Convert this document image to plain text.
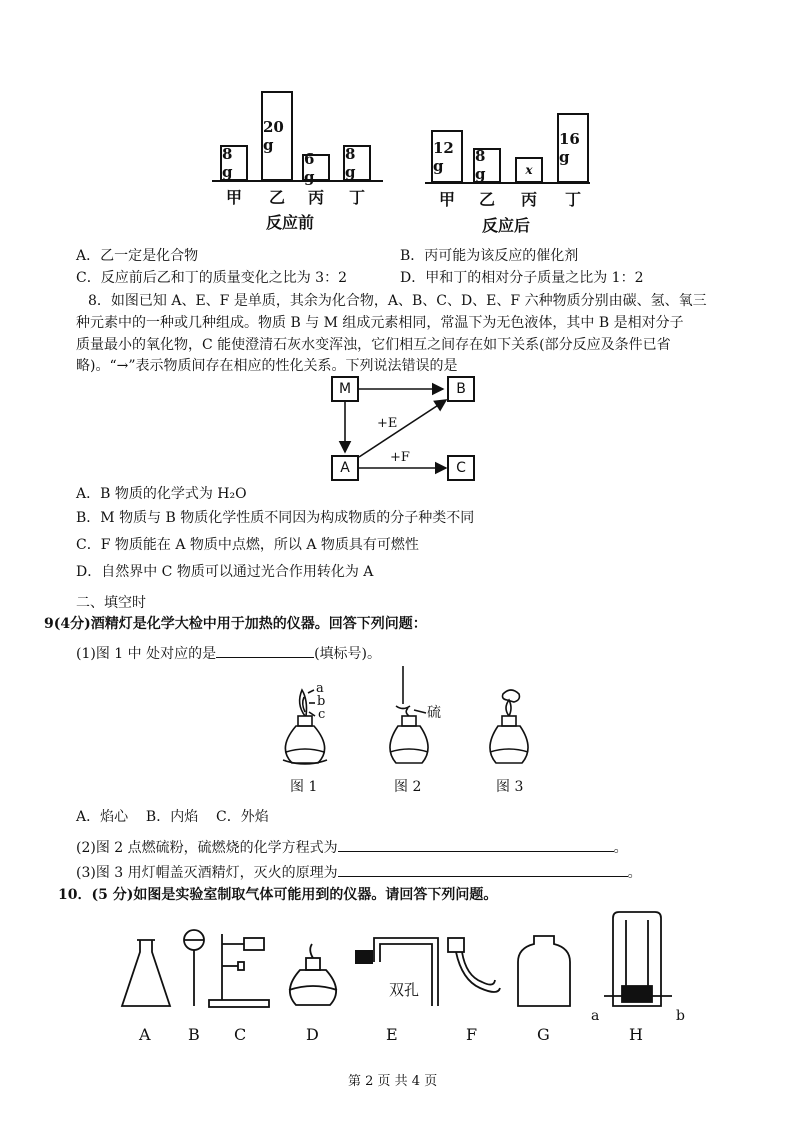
8 g
甲
20 g
乙
6 g
丙
8 g
丁
反应前
12 g
甲
8 g
乙
x
丙
16 g
丁
反应后
A．乙一定是化合物	B．丙可能为该反应的催化剂
C．反应前后乙和丁的质量变化之比为 3：2	D．甲和丁的相对分子质量之比为 1：2
8．如图已知 A、E、F 是单质，其余为化合物，A、B、C、D、E、F 六种物质分别由碳、氢、氧三
种元素中的一种或几种组成。物质 B 与 M 组成元素相同，常温下为无色液体，其中 B 是相对分子
质量最小的氧化物，C 能使澄清石灰水变浑浊，它们相互之间存在如下关系(部分反应及条件已省
略)。“→”表示物质间存在相应的性化关系。下列说法错误的是
M	B
A	C
+E
+F
A．B 物质的化学式为 H₂O
B．M 物质与 B 物质化学性质不同因为构成物质的分子种类不同
C．F 物质能在 A 物质中点燃，所以 A 物质具有可燃性
D．自然界中 C 物质可以通过光合作用转化为 A
二、填空时
9(4分)酒精灯是化学大检中用于加热的仪器。回答下列问题：
(1)图 1 中 处对应的是	(填标号)。
a
b
c	硫
图 1	图 2	图 3
A．焰心    B．内焰    C．外焰
(2)图 2 点燃硫粉，硫燃烧的化学方程式为	。
(3)图 3 用灯帽盖灭酒精灯，灭火的原理为	。
10．(5 分)如图是实验室制取气体可能用到的仪器。请回答下列问题。
双孔
a	b
A B C	D	E	F	G	H
第 2 页 共 4 页
